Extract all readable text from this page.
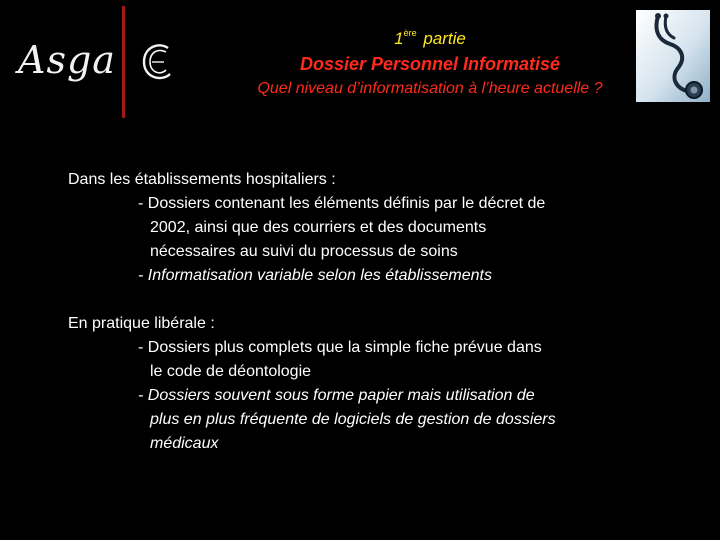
Asga	1ère partie
Dossier Personnel Informatisé
Quel niveau d’informatisation à l’heure actuelle ?

Dans les établissements hospitaliers :

- Dossiers contenant les éléments définis par le décret de
2002, ainsi que des courriers et des documents
nécessaires au suivi du processus de soins

- Informatisation variable selon les établissements

En pratique libérale :

- Dossiers plus complets que la simple fiche prévue dans
le code de déontologie

- Dossiers souvent sous forme papier mais utilisation de
plus en plus fréquente de logiciels de gestion de dossiers
médicaux
